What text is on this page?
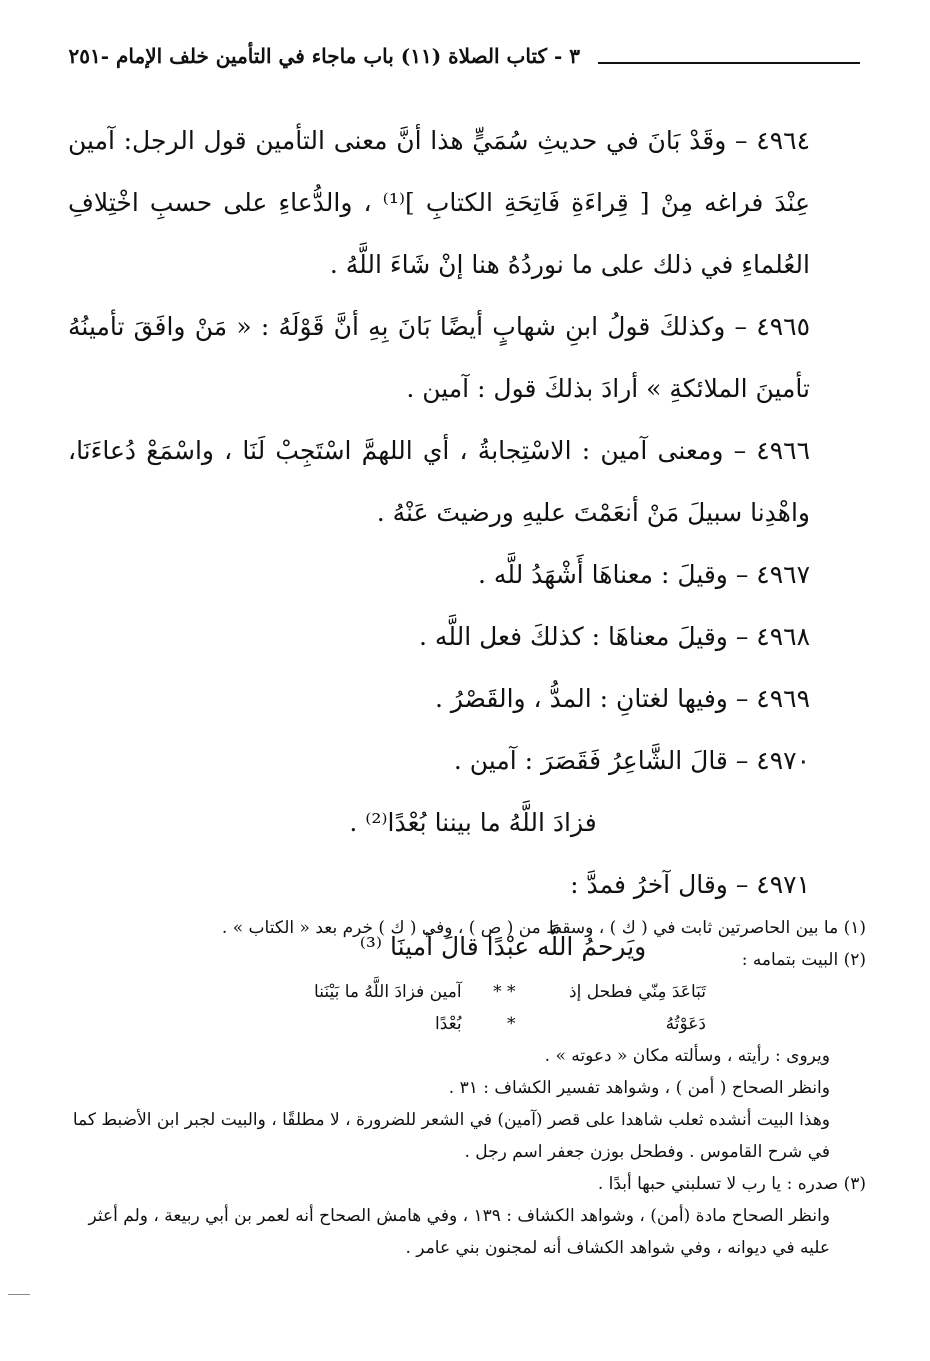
٣ - كتاب الصلاة (١١) باب ماجاء في التأمين خلف الإمام -٢٥١

٤٩٦٤ – وقَدْ بَانَ في حديثِ سُمَيٍّ هذا أنَّ معنى التأمين قول الرجل: آمين عِنْدَ فراغه مِنْ [ قِراءَةِ فَاتِحَةِ الكتابِ ]⁽¹⁾ ، والدُّعاءِ على حسبِ اخْتِلافِ العُلماءِ في ذلك على ما نوردُهُ هنا إنْ شَاءَ اللَّهُ .

٤٩٦٥ – وكذلكَ قولُ ابنِ شهابٍ أيضًا بَانَ بِهِ أنَّ قَوْلَهُ : « مَنْ وافَقَ تأمينُهُ تأمينَ الملائكةِ » أرادَ بذلكَ قول : آمين .

٤٩٦٦ – ومعنى آمين : الاسْتِجابةُ ، أي اللهمَّ اسْتَجِبْ لَنَا ، واسْمَعْ دُعاءَنَا، واهْدِنا سبيلَ مَنْ أنعَمْتَ عليهِ ورضيتَ عَنْهُ .

٤٩٦٧ – وقيلَ : معناهَا أَشْهَدُ للَّه .

٤٩٦٨ – وقيلَ معناهَا : كذلكَ فعل اللَّه .

٤٩٦٩ – وفيها لغتانِ : المدُّ ، والقَصْرُ .

٤٩٧٠ – قالَ الشَّاعِرُ فَقَصَرَ : آمين .

فزادَ اللَّهُ ما بيننا بُعْدًا⁽²⁾ .

٤٩٧١ – وقال آخرُ فمدَّ :

ويَرحمُ اللَّه عبْدًا قالَ آمينَا ⁽³⁾

(١) ما بين الحاصرتين ثابت في ( ك ) ، وسقط من ( ص ) ، وفي ( ك ) خرم بعد « الكتاب » .

(٢) البيت بتمامه :

تَبَاعَدَ مِنّي فطحل إذ دَعَوْتُهُ
* * *
آمين فزادَ اللَّهُ ما بَيْنَنا بُعْدًا

ويروى : رأيته ، وسألته مكان « دعوته » .

وانظر الصحاح ( أمن ) ، وشواهد تفسير الكشاف : ٣١ .

وهذا البيت أنشده ثعلب شاهدا على قصر (آمين) في الشعر للضرورة ، لا مطلقًا ، والبيت لجبر ابن الأضبط كما في شرح القاموس . وفطحل بوزن جعفر اسم رجل .

(٣) صدره : يا رب لا تسلبني حبها أبدًا .

وانظر الصحاح مادة (أمن) ، وشواهد الكشاف : ١٣٩ ، وفي هامش الصحاح أنه لعمر بن أبي ربيعة ، ولم أعثر عليه في ديوانه ، وفي شواهد الكشاف أنه لمجنون بني عامر .
